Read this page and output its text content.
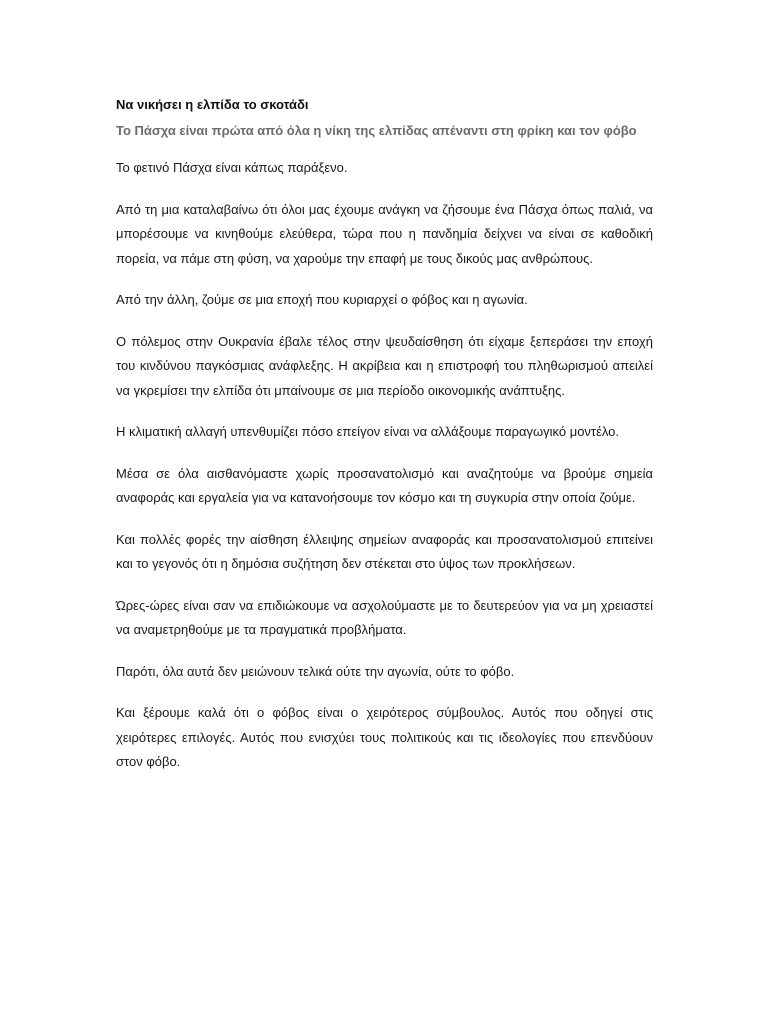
Να νικήσει η ελπίδα το σκοτάδι
Το Πάσχα είναι πρώτα από όλα η νίκη της ελπίδας απέναντι στη φρίκη και τον φόβο

Το φετινό Πάσχα είναι κάπως παράξενο.

Από τη μια καταλαβαίνω ότι όλοι μας έχουμε ανάγκη να ζήσουμε ένα Πάσχα όπως παλιά, να μπορέσουμε να κινηθούμε ελεύθερα, τώρα που η πανδημία δείχνει να είναι σε καθοδική πορεία, να πάμε στη φύση, να χαρούμε την επαφή με τους δικούς μας ανθρώπους.

Από την άλλη, ζούμε σε μια εποχή που κυριαρχεί ο φόβος και η αγωνία.

Ο πόλεμος στην Ουκρανία έβαλε τέλος στην ψευδαίσθηση ότι είχαμε ξεπεράσει την εποχή του κινδύνου παγκόσμιας ανάφλεξης. Η ακρίβεια και η επιστροφή του πληθωρισμού απειλεί να γκρεμίσει την ελπίδα ότι μπαίνουμε σε μια περίοδο οικονομικής ανάπτυξης.

Η κλιματική αλλαγή υπενθυμίζει πόσο επείγον είναι να αλλάξουμε παραγωγικό μοντέλο.

Μέσα σε όλα αισθανόμαστε χωρίς προσανατολισμό και αναζητούμε να βρούμε σημεία αναφοράς και εργαλεία για να κατανοήσουμε τον κόσμο και τη συγκυρία στην οποία ζούμε.

Και πολλές φορές την αίσθηση έλλειψης σημείων αναφοράς και προσανατολισμού επιτείνει και το γεγονός ότι η δημόσια συζήτηση δεν στέκεται στο ύψος των προκλήσεων.

Ώρες-ώρες είναι σαν να επιδιώκουμε να ασχολούμαστε με το δευτερεύον για να μη χρειαστεί να αναμετρηθούμε με τα πραγματικά προβλήματα.

Παρότι, όλα αυτά δεν μειώνουν τελικά ούτε την αγωνία, ούτε το φόβο.

Και ξέρουμε καλά ότι ο φόβος είναι ο χειρότερος σύμβουλος. Αυτός που οδηγεί στις χειρότερες επιλογές. Αυτός που ενισχύει τους πολιτικούς και τις ιδεολογίες που επενδύουν στον φόβο.
